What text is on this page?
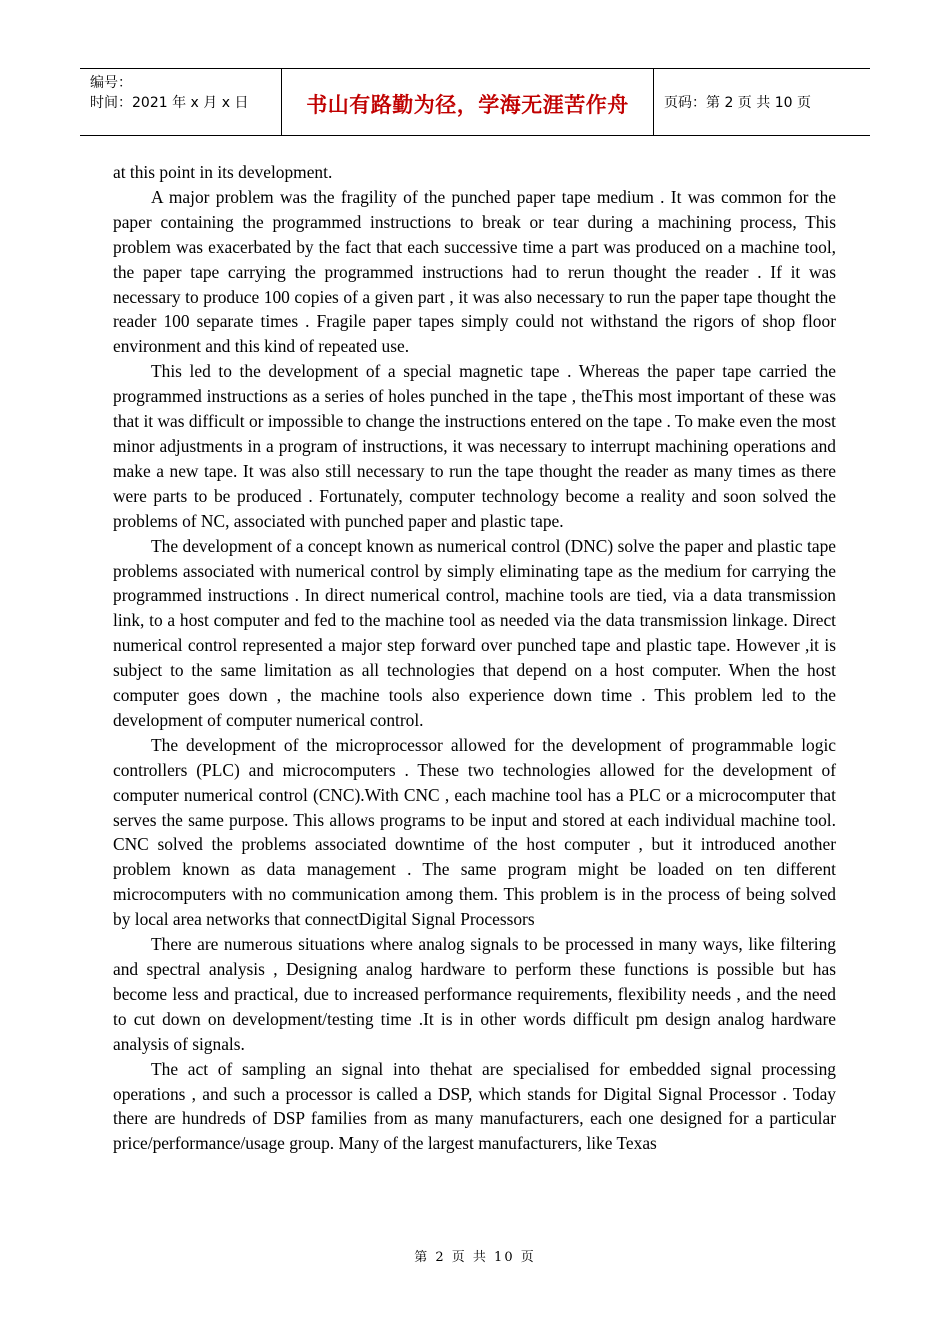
编号：
时间：2021 年 x 月 x 日	书山有路勤为径，学海无涯苦作舟	页码：第 2 页 共 10 页

at this point in its development.

A major problem was the fragility of the punched paper tape medium . It was common for the paper containing the programmed instructions to break or tear during a machining process, This problem was exacerbated by the fact that each successive time a part was produced on a machine tool, the paper tape carrying the programmed instructions had to rerun thought the reader . If it was necessary to produce 100 copies of a given part , it was also necessary to run the paper tape thought the reader 100 separate times . Fragile paper tapes simply could not withstand the rigors of shop floor environment and this kind of repeated use.

This led to the development of a special magnetic tape . Whereas the paper tape carried the programmed instructions as a series of holes punched in the tape , theThis most important of these was that it was difficult or impossible to change the instructions entered on the tape . To make even the most minor adjustments in a program of instructions, it was necessary to interrupt machining operations and make a new tape. It was also still necessary to run the tape thought the reader as many times as there were parts to be produced . Fortunately, computer technology become a reality and soon solved the problems of NC, associated with punched paper and plastic tape.

The development of a concept known as numerical control (DNC) solve the paper and plastic tape problems associated with numerical control by simply eliminating tape as the medium for carrying the programmed instructions . In direct numerical control, machine tools are tied, via a data transmission link, to a host computer and fed to the machine tool as needed via the data transmission linkage. Direct numerical control represented a major step forward over punched tape and plastic tape. However ,it is subject to the same limitation as all technologies that depend on a host computer. When the host computer goes down , the machine tools also experience down time . This problem led to the development of computer numerical control.

The development of the microprocessor allowed for the development of programmable logic controllers (PLC) and microcomputers . These two technologies allowed for the development of computer numerical control (CNC).With CNC , each machine tool has a PLC or a microcomputer that serves the same purpose. This allows programs to be input and stored at each individual machine tool. CNC solved the problems associated downtime of the host computer , but it introduced another problem known as data management . The same program might be loaded on ten different microcomputers with no communication among them. This problem is in the process of being solved by local area networks that connectDigital Signal Processors

There are numerous situations where analog signals to be processed in many ways, like filtering and spectral analysis , Designing analog hardware to perform these functions is possible but has become less and practical, due to increased performance requirements, flexibility needs , and the need to cut down on development/testing time .It is in other words difficult pm design analog hardware analysis of signals.

The act of sampling an signal into thehat are specialised for embedded signal processing operations , and such a processor is called a DSP, which stands for Digital Signal Processor . Today there are hundreds of DSP families from as many manufacturers, each one designed for a particular price/performance/usage group. Many of the largest manufacturers, like Texas

第 2 页 共 10 页
